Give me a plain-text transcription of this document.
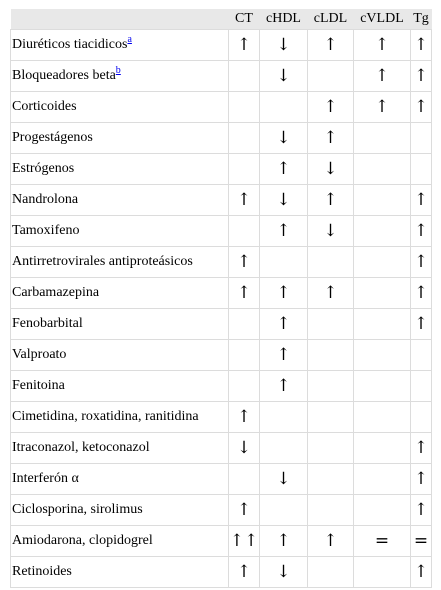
	CT	cHDL	cLDL	cVLDL	Tg
Diuréticos tiacidicos$^a$	↑	↓	↑	↑	↑
Bloqueadores beta$^b$		↓		↑	↑
Corticoides			↑	↑	↑
Progestágenos		↓	↑		
Estrógenos		↑	↓		
Nandrolona	↑	↓	↑		↑
Tamoxifeno		↑	↓		↑
Antirretrovirales antiproteásicos	↑				↑
Carbamazepina	↑	↑	↑		↑
Fenobarbital		↑			↑
Valproato		↑			
Fenitoina		↑			
Cimetidina, roxatidina, ranitidina	↑				
Itraconazol, ketoconazol	↓				↑
Interferón α		↓			↑
Ciclosporina, sirolimus	↑				↑
Amiodarona, clopidogrel	↑↑	↑	↑	=	=
Retinoides	↑	↓			↑
